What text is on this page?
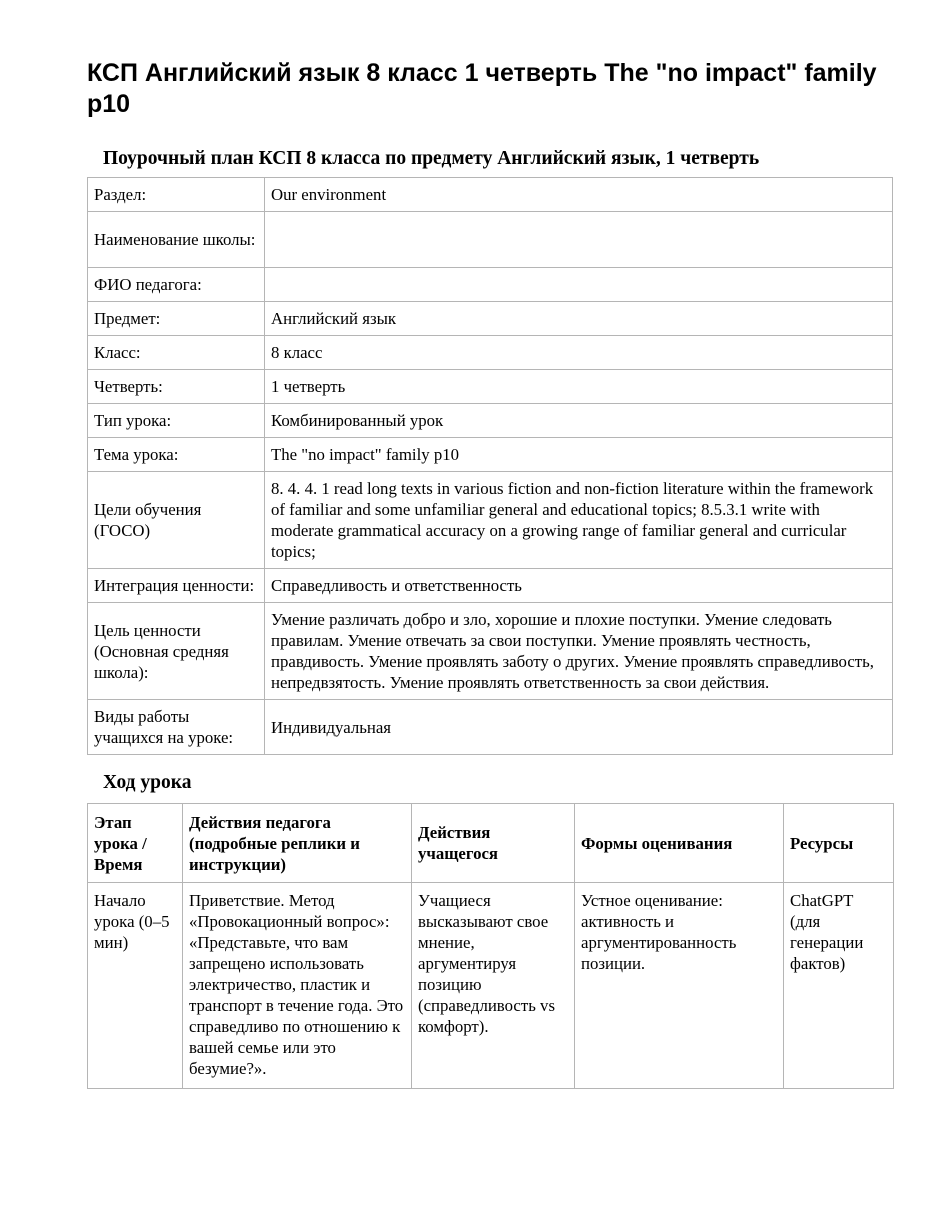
КСП Английский язык 8 класс 1 четверть The "no impact" family p10
Поурочный план КСП 8 класса по предмету Английский язык, 1 четверть
Раздел:	Our environment
Наименование школы:	
ФИО педагога:	
Предмет:	Английский язык
Класс:	8 класс
Четверть:	1 четверть
Тип урока:	Комбинированный урок
Тема урока:	The "no impact" family p10
Цели обучения (ГОСО)	8. 4. 4. 1 read long texts in various fiction and non-fiction literature within the framework of familiar and some unfamiliar general and educational topics; 8.5.3.1 write with moderate grammatical accuracy on a growing range of familiar general and curricular topics;
Интеграция ценности:	Справедливость и ответственность
Цель ценности (Основная средняя школа):	Умение различать добро и зло, хорошие и плохие поступки. Умение следовать правилам. Умение отвечать за свои поступки. Умение проявлять честность, правдивость. Умение проявлять заботу о других. Умение проявлять справедливость, непредвзятость. Умение проявлять ответственность за свои действия.
Виды работы учащихся на уроке:	Индивидуальная
Ход урока
Этап урока / Время	Действия педагога (подробные реплики и инструкции)	Действия учащегося	Формы оценивания	Ресурсы
Начало урока (0–5 мин)	Приветствие. Метод «Провокационный вопрос»: «Представьте, что вам запрещено использовать электричество, пластик и транспорт в течение года. Это справедливо по отношению к вашей семье или это безумие?».	Учащиеся высказывают свое мнение, аргументируя позицию (справедливость vs комфорт).	Устное оценивание: активность и аргументированность позиции.	ChatGPT (для генерации фактов)
